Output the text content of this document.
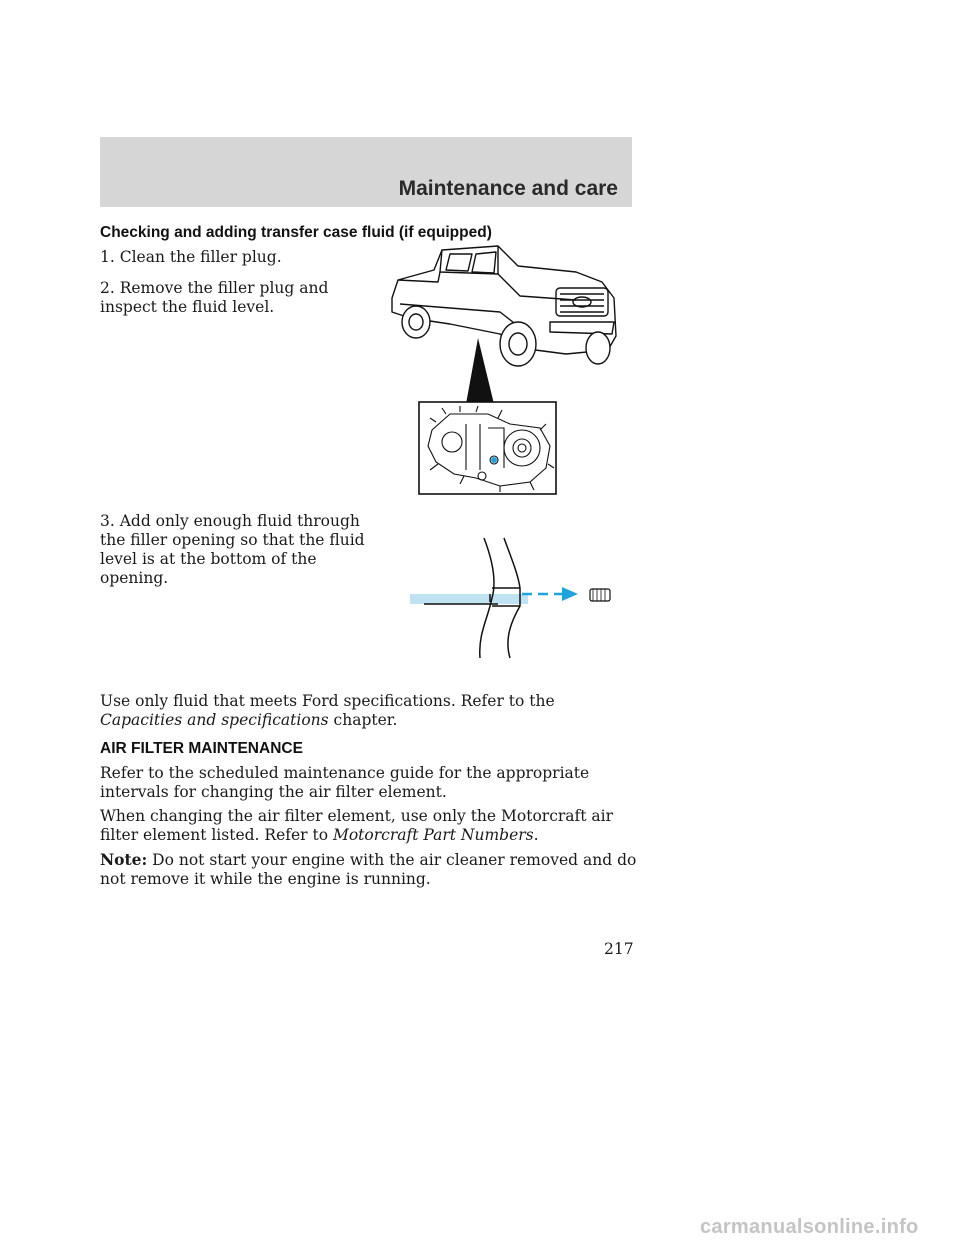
Maintenance and care
Checking and adding transfer case fluid (if equipped)
1. Clean the filler plug.
2. Remove the filler plug and inspect the fluid level.
3. Add only enough fluid through the filler opening so that the fluid level is at the bottom of the opening.
Use only fluid that meets Ford specifications. Refer to the Capacities and specifications chapter.
AIR FILTER MAINTENANCE
Refer to the scheduled maintenance guide for the appropriate intervals for changing the air filter element.
When changing the air filter element, use only the Motorcraft air filter element listed. Refer to Motorcraft Part Numbers.
Note: Do not start your engine with the air cleaner removed and do not remove it while the engine is running.
217
carmanualsonline.info
